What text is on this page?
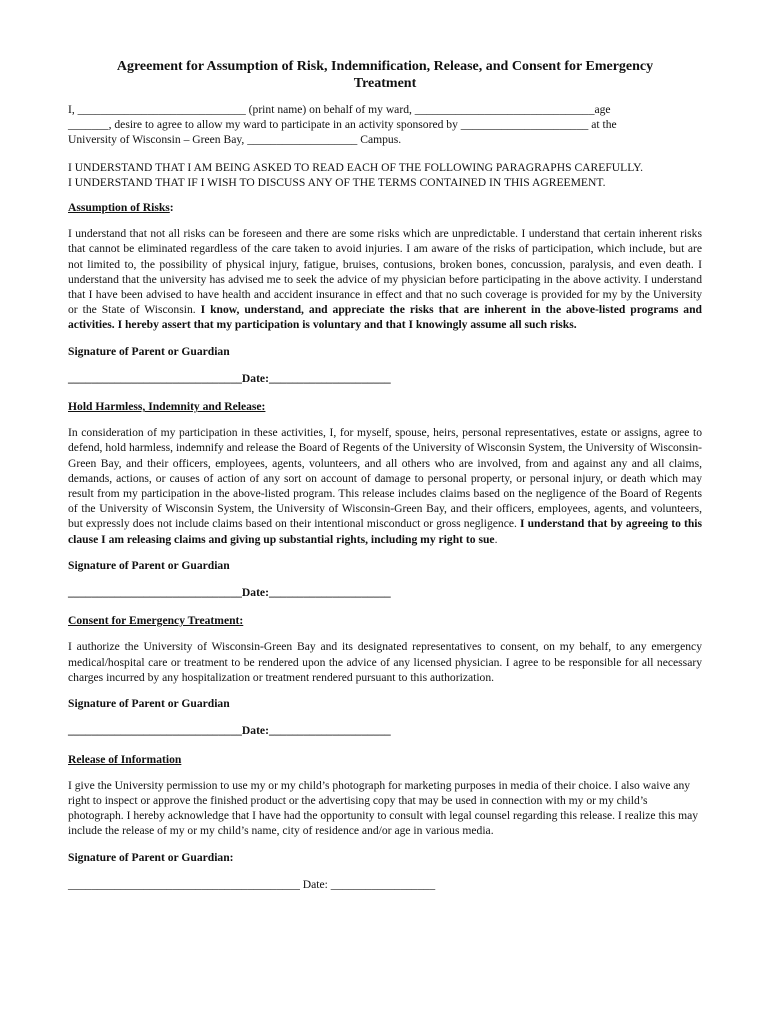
Agreement for Assumption of Risk, Indemnification, Release, and Consent for Emergency Treatment

I, _____________________________ (print name) on behalf of my ward, _______________________________age

_______, desire to agree to allow my ward to participate in an activity sponsored by ______________________ at the

University of Wisconsin – Green Bay, ___________________ Campus.

I UNDERSTAND THAT I AM BEING ASKED TO READ EACH OF THE FOLLOWING PARAGRAPHS CAREFULLY.

I UNDERSTAND THAT IF I WISH TO DISCUSS ANY OF THE TERMS CONTAINED IN THIS AGREEMENT.

Assumption of Risks:

I understand that not all risks can be foreseen and there are some risks which are unpredictable. I understand that certain inherent risks that cannot be eliminated regardless of the care taken to avoid injuries. I am aware of the risks of participation, which include, but are not limited to, the possibility of physical injury, fatigue, bruises, contusions, broken bones, concussion, paralysis, and even death. I understand that the university has advised me to seek the advice of my physician before participating in the above activity. I understand that I have been advised to have health and accident insurance in effect and that no such coverage is provided for my by the University or the State of Wisconsin. I know, understand, and appreciate the risks that are inherent in the above-listed programs and activities. I hereby assert that my participation is voluntary and that I knowingly assume all such risks.

Signature of Parent or Guardian

______________________________Date:_____________________

Hold Harmless, Indemnity and Release:

In consideration of my participation in these activities, I, for myself, spouse, heirs, personal representatives, estate or assigns, agree to defend, hold harmless, indemnify and release the Board of Regents of the University of Wisconsin System, the University of Wisconsin-Green Bay, and their officers, employees, agents, volunteers, and all others who are involved, from and against any and all claims, demands, actions, or causes of action of any sort on account of damage to personal property, or personal injury, or death which may result from my participation in the above-listed program. This release includes claims based on the negligence of the Board of Regents of the University of Wisconsin System, the University of Wisconsin-Green Bay, and their officers, employees, agents, and volunteers, but expressly does not include claims based on their intentional misconduct or gross negligence. I understand that by agreeing to this clause I am releasing claims and giving up substantial rights, including my right to sue.

Signature of Parent or Guardian

______________________________Date:_____________________

Consent for Emergency Treatment:

I authorize the University of Wisconsin-Green Bay and its designated representatives to consent, on my behalf, to any emergency medical/hospital care or treatment to be rendered upon the advice of any licensed physician. I agree to be responsible for all necessary charges incurred by any hospitalization or treatment rendered pursuant to this authorization.

Signature of Parent or Guardian

______________________________Date:_____________________

Release of Information

I give the University permission to use my or my child’s photograph for marketing purposes in media of their choice. I also waive any right to inspect or approve the finished product or the advertising copy that may be used in connection with my or my child’s photograph. I hereby acknowledge that I have had the opportunity to consult with legal counsel regarding this release. I realize this may include the release of my or my child’s name, city of residence and/or age in various media.

Signature of Parent or Guardian:

________________________________________ Date: __________________
